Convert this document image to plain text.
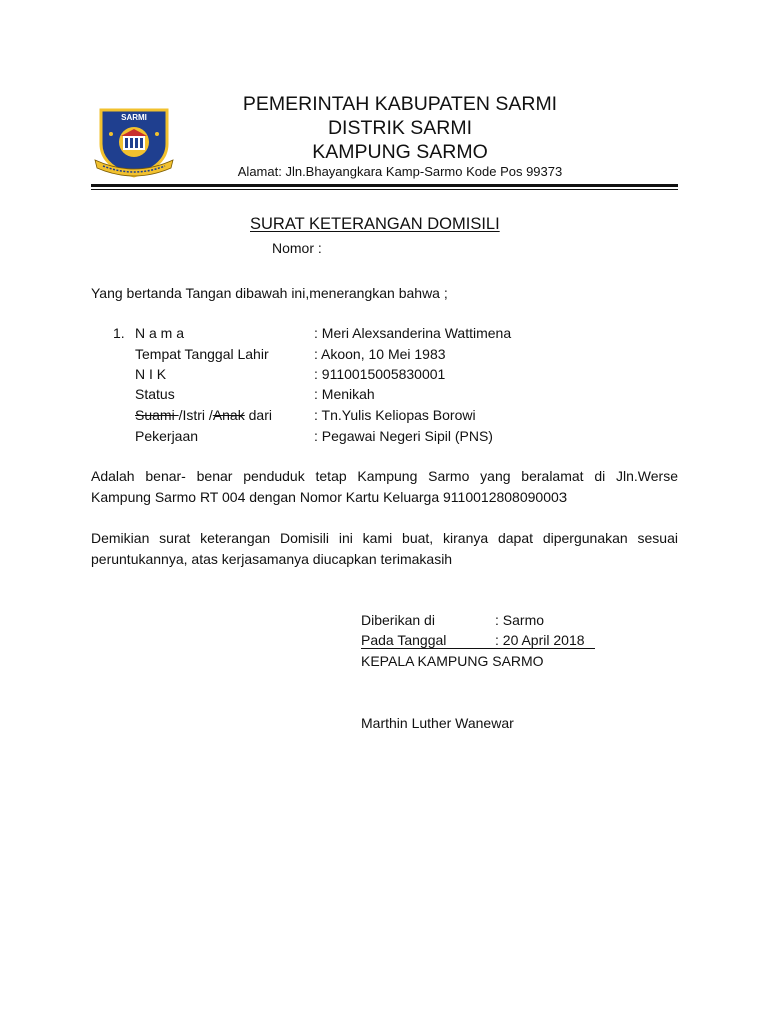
SARMI
PEMERINTAH KABUPATEN SARMI
DISTRIK SARMI
KAMPUNG SARMO
Alamat: Jln.Bhayangkara Kamp-Sarmo Kode Pos 99373
SURAT KETERANGAN DOMISILI
Nomor :
Yang bertanda Tangan dibawah ini,menerangkan bahwa ;
1. N a m a	: Meri Alexsanderina Wattimena
Tempat Tanggal Lahir	: Akoon, 10 Mei 1983
N I K	: 9110015005830001
Status	: Menikah
Suami /Istri /Anak dari	: Tn.Yulis Keliopas Borowi
Pekerjaan	: Pegawai Negeri Sipil (PNS)
Adalah benar- benar penduduk tetap Kampung Sarmo yang beralamat di Jln.Werse
Kampung Sarmo RT 004 dengan Nomor Kartu Keluarga 911001280809000З
Demikian surat keterangan Domisili ini kami buat, kiranya dapat dipergunakan sesuai
peruntukannya, atas kerjasamanya diucapkan terimakasih
Diberikan di	: Sarmo
Pada Tanggal	: 20 April 2018
KEPALA KAMPUNG SARMO
Marthin Luther Wanewar
